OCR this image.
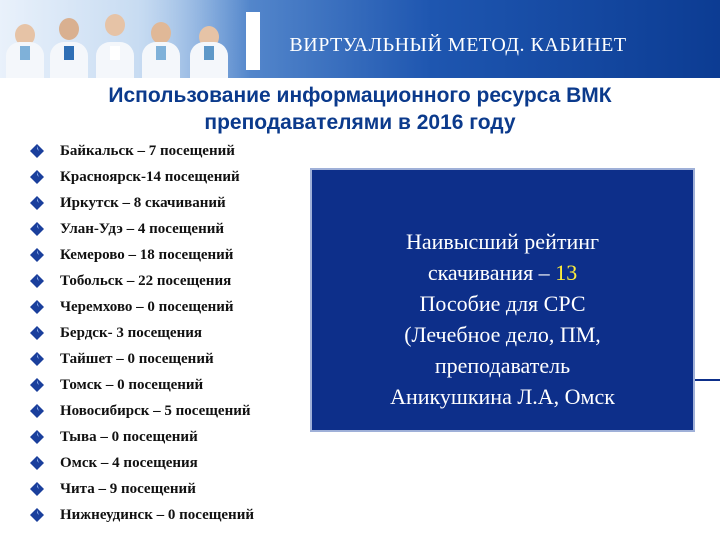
ВИРТУАЛЬНЫЙ МЕТОД. КАБИНЕТ
Использование информационного ресурса ВМК
преподавателями в 2016 году
Байкальск – 7 посещений
Красноярск-14 посещений
Иркутск – 8 скачиваний
Улан-Удэ – 4 посещений
Кемерово – 18 посещений
Тобольск – 22 посещения
Черемхово – 0 посещений
Бердск- 3 посещения
Тайшет – 0 посещений
Томск – 0 посещений
Новосибирск – 5 посещений
Тыва – 0 посещений
Омск – 4 посещения
Чита – 9 посещений
Нижнеудинск – 0 посещений
Наивысший рейтинг
скачивания – 13
Пособие для СРС
(Лечебное дело, ПМ,
преподаватель
Аникушкина Л.А, Омск
